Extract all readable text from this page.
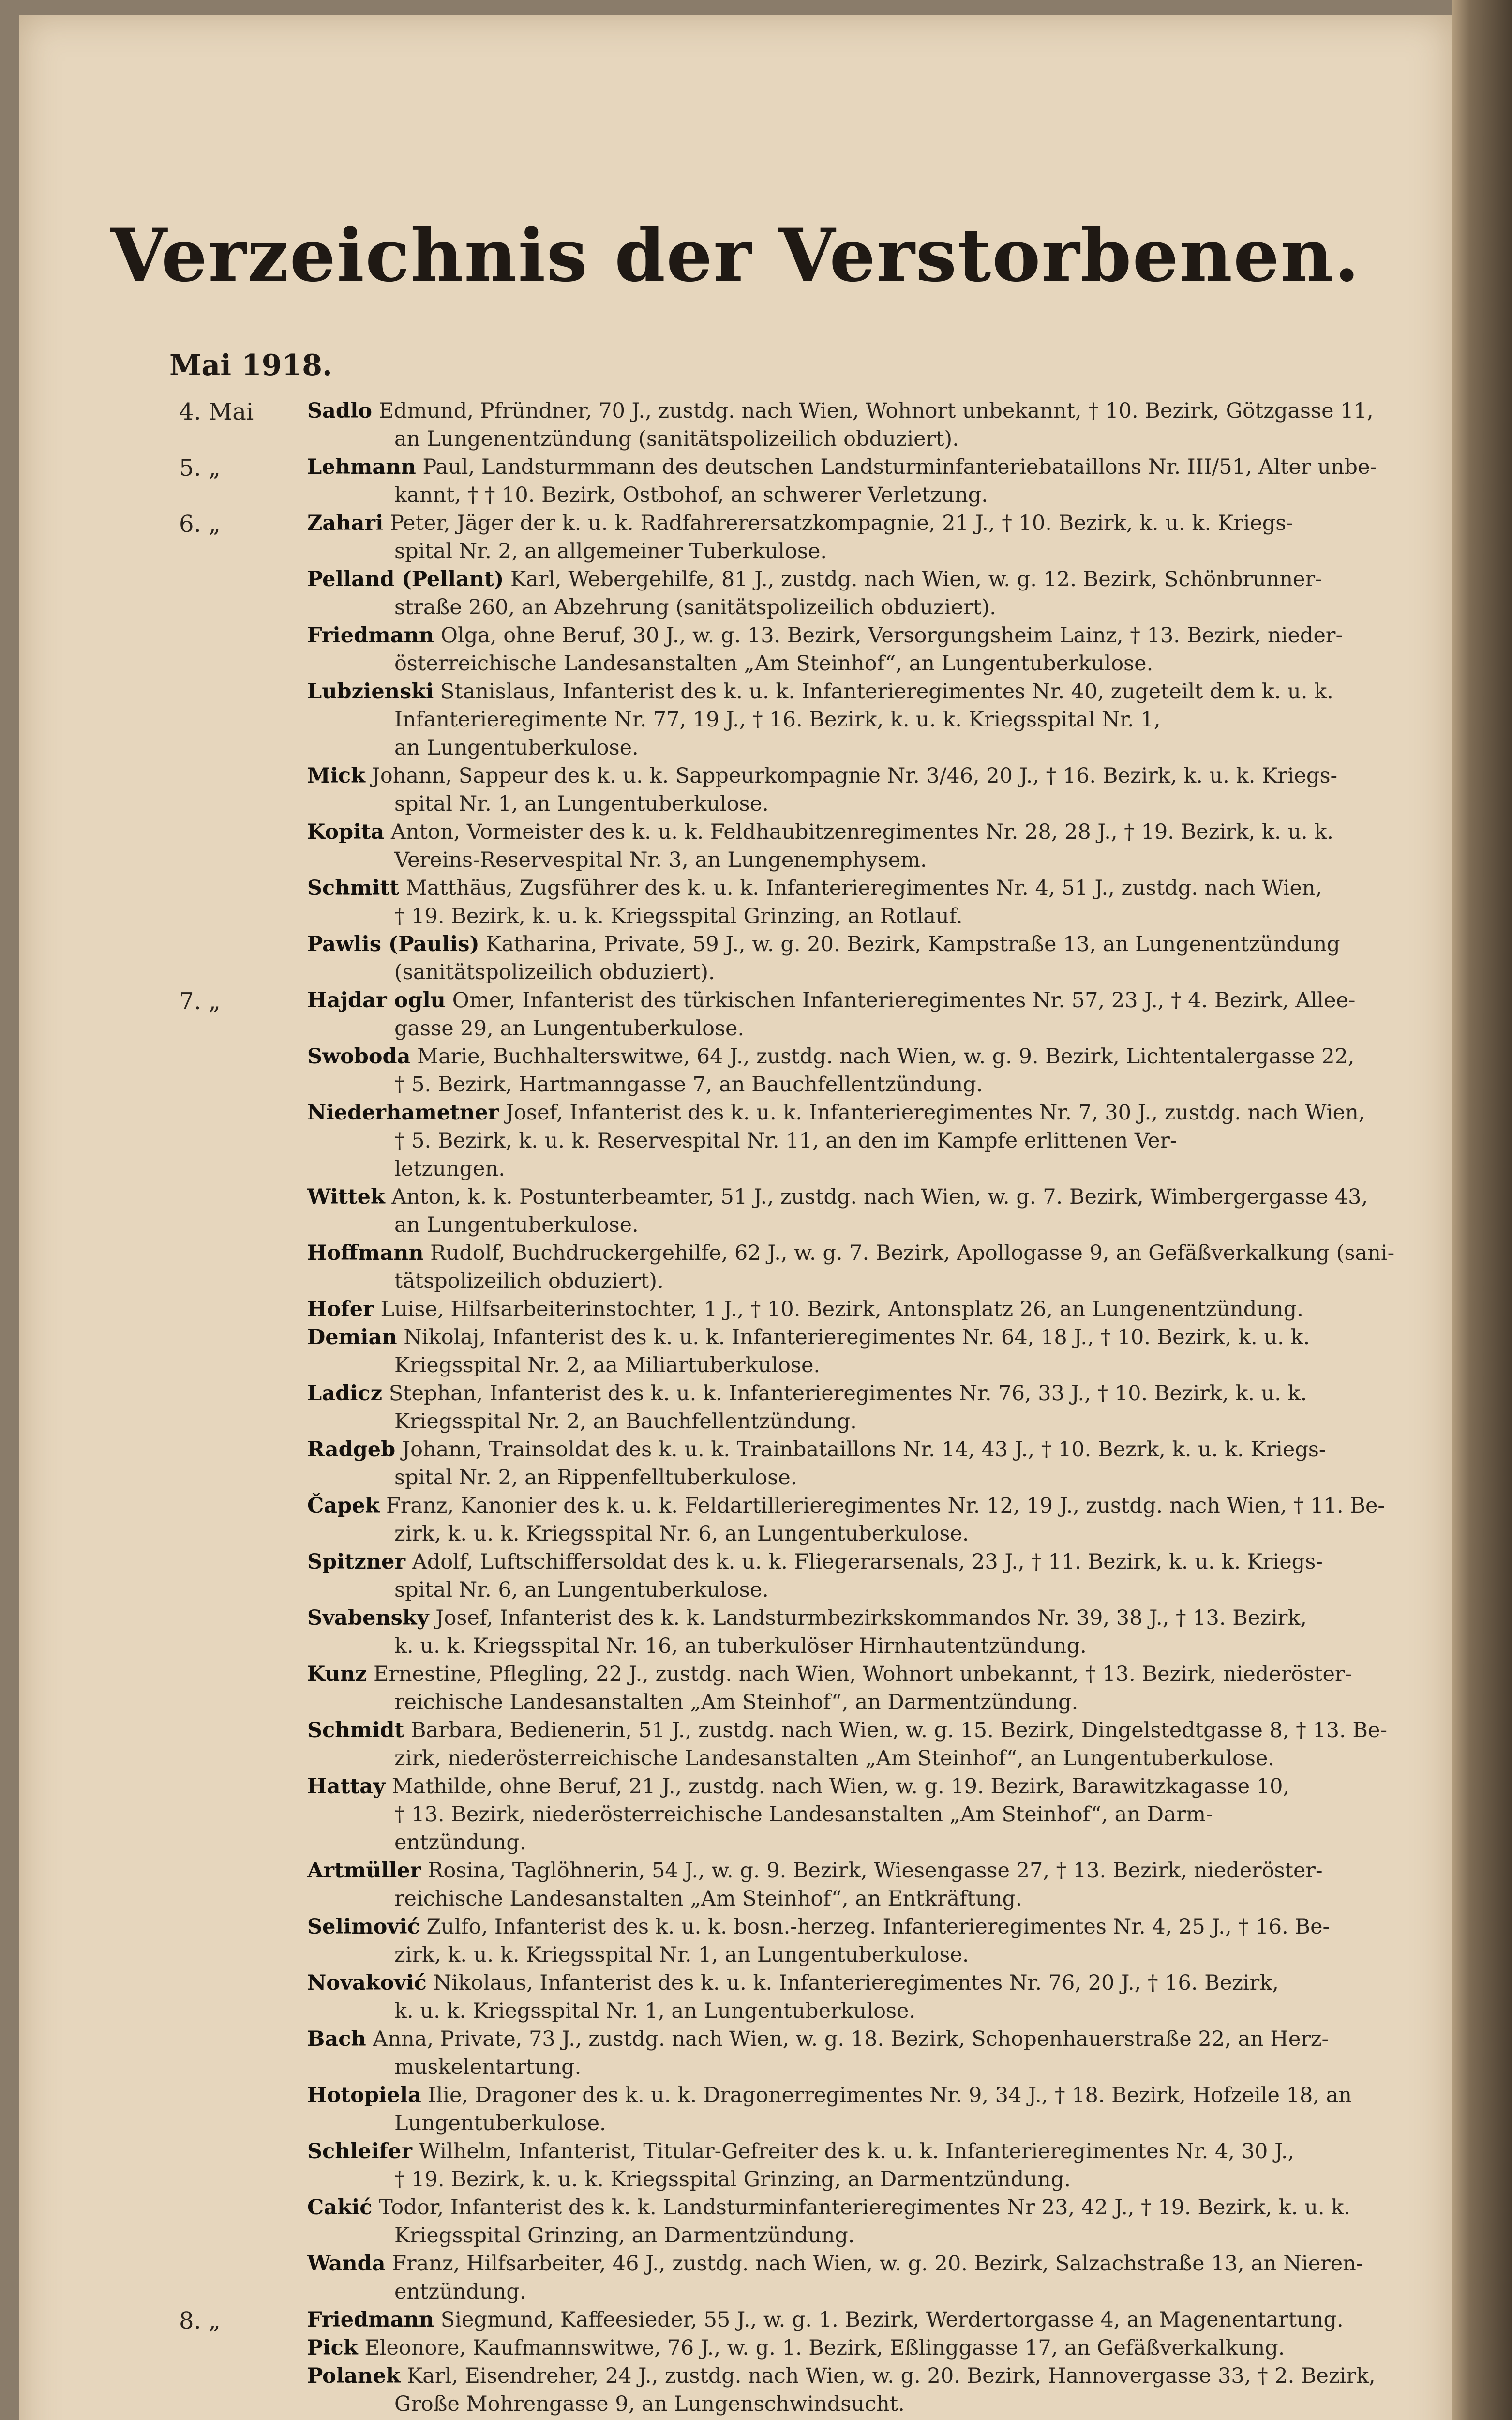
Verzeichnis der Verstorbenen.
Mai 1918.
4. Mai	Sadlo Edmund, Pfründner, 70 J., zustdg. nach Wien, Wohnort unbekannt, † 10. Bezirk, Götzgasse 11,
an Lungenentzündung (sanitätspolizeilich obduziert).
5. „	Lehmann Paul, Landsturmmann des deutschen Landsturminfanteriebataillons Nr. III/51, Alter unbe-
kannt, † † 10. Bezirk, Ostbohof, an schwerer Verletzung.
6. „	Zahari Peter, Jäger der k. u. k. Radfahrerersatzkompagnie, 21 J., † 10. Bezirk, k. u. k. Kriegs-
spital Nr. 2, an allgemeiner Tuberkulose.
Pelland (Pellant) Karl, Webergehilfe, 81 J., zustdg. nach Wien, w. g. 12. Bezirk, Schönbrunner-
straße 260, an Abzehrung (sanitätspolizeilich obduziert).
Friedmann Olga, ohne Beruf, 30 J., w. g. 13. Bezirk, Versorgungsheim Lainz, † 13. Bezirk, nieder-
österreichische Landesanstalten „Am Steinhof“, an Lungentuberkulose.
Lubzienski Stanislaus, Infanterist des k. u. k. Infanterieregimentes Nr. 40, zugeteilt dem k. u. k.
Infanterieregimente Nr. 77, 19 J., † 16. Bezirk, k. u. k. Kriegsspital Nr. 1,
an Lungentuberkulose.
Mick Johann, Sappeur des k. u. k. Sappeurkompagnie Nr. 3/46, 20 J., † 16. Bezirk, k. u. k. Kriegs-
spital Nr. 1, an Lungentuberkulose.
Kopita Anton, Vormeister des k. u. k. Feldhaubitzenregimentes Nr. 28, 28 J., † 19. Bezirk, k. u. k.
Vereins-Reservespital Nr. 3, an Lungenemphysem.
Schmitt Matthäus, Zugsführer des k. u. k. Infanterieregimentes Nr. 4, 51 J., zustdg. nach Wien,
† 19. Bezirk, k. u. k. Kriegsspital Grinzing, an Rotlauf.
Pawlis (Paulis) Katharina, Private, 59 J., w. g. 20. Bezirk, Kampstraße 13, an Lungenentzündung
(sanitätspolizeilich obduziert).
7. „	Hajdar oglu Omer, Infanterist des türkischen Infanterieregimentes Nr. 57, 23 J., † 4. Bezirk, Allee-
gasse 29, an Lungentuberkulose.
Swoboda Marie, Buchhalterswitwe, 64 J., zustdg. nach Wien, w. g. 9. Bezirk, Lichtentalergasse 22,
† 5. Bezirk, Hartmanngasse 7, an Bauchfellentzündung.
Niederhametner Josef, Infanterist des k. u. k. Infanterieregimentes Nr. 7, 30 J., zustdg. nach Wien,
† 5. Bezirk, k. u. k. Reservespital Nr. 11, an den im Kampfe erlittenen Ver-
letzungen.
Wittek Anton, k. k. Postunterbeamter, 51 J., zustdg. nach Wien, w. g. 7. Bezirk, Wimbergergasse 43,
an Lungentuberkulose.
Hoffmann Rudolf, Buchdruckergehilfe, 62 J., w. g. 7. Bezirk, Apollogasse 9, an Gefäßverkalkung (sani-
tätspolizeilich obduziert).
Hofer Luise, Hilfsarbeiterinstochter, 1 J., † 10. Bezirk, Antonsplatz 26, an Lungenentzündung.
Demian Nikolaj, Infanterist des k. u. k. Infanterieregimentes Nr. 64, 18 J., † 10. Bezirk, k. u. k.
Kriegsspital Nr. 2, aa Miliartuberkulose.
Ladicz Stephan, Infanterist des k. u. k. Infanterieregimentes Nr. 76, 33 J., † 10. Bezirk, k. u. k.
Kriegsspital Nr. 2, an Bauchfellentzündung.
Radgeb Johann, Trainsoldat des k. u. k. Trainbataillons Nr. 14, 43 J., † 10. Bezrk, k. u. k. Kriegs-
spital Nr. 2, an Rippenfelltuberkulose.
Čapek Franz, Kanonier des k. u. k. Feldartillerieregimentes Nr. 12, 19 J., zustdg. nach Wien, † 11. Be-
zirk, k. u. k. Kriegsspital Nr. 6, an Lungentuberkulose.
Spitzner Adolf, Luftschiffersoldat des k. u. k. Fliegerarsenals, 23 J., † 11. Bezirk, k. u. k. Kriegs-
spital Nr. 6, an Lungentuberkulose.
Svabensky Josef, Infanterist des k. k. Landsturmbezirkskommandos Nr. 39, 38 J., † 13. Bezirk,
k. u. k. Kriegsspital Nr. 16, an tuberkulöser Hirnhautentzündung.
Kunz Ernestine, Pflegling, 22 J., zustdg. nach Wien, Wohnort unbekannt, † 13. Bezirk, niederöster-
reichische Landesanstalten „Am Steinhof“, an Darmentzündung.
Schmidt Barbara, Bedienerin, 51 J., zustdg. nach Wien, w. g. 15. Bezirk, Dingelstedtgasse 8, † 13. Be-
zirk, niederösterreichische Landesanstalten „Am Steinhof“, an Lungentuberkulose.
Hattay Mathilde, ohne Beruf, 21 J., zustdg. nach Wien, w. g. 19. Bezirk, Barawitzkagasse 10,
† 13. Bezirk, niederösterreichische Landesanstalten „Am Steinhof“, an Darm-
entzündung.
Artmüller Rosina, Taglöhnerin, 54 J., w. g. 9. Bezirk, Wiesengasse 27, † 13. Bezirk, niederöster-
reichische Landesanstalten „Am Steinhof“, an Entkräftung.
Selimović Zulfo, Infanterist des k. u. k. bosn.-herzeg. Infanterieregimentes Nr. 4, 25 J., † 16. Be-
zirk, k. u. k. Kriegsspital Nr. 1, an Lungentuberkulose.
Novaković Nikolaus, Infanterist des k. u. k. Infanterieregimentes Nr. 76, 20 J., † 16. Bezirk,
k. u. k. Kriegsspital Nr. 1, an Lungentuberkulose.
Bach Anna, Private, 73 J., zustdg. nach Wien, w. g. 18. Bezirk, Schopenhauerstraße 22, an Herz-
muskelentartung.
Hotopiela Ilie, Dragoner des k. u. k. Dragonerregimentes Nr. 9, 34 J., † 18. Bezirk, Hofzeile 18, an
Lungentuberkulose.
Schleifer Wilhelm, Infanterist, Titular-Gefreiter des k. u. k. Infanterieregimentes Nr. 4, 30 J.,
† 19. Bezirk, k. u. k. Kriegsspital Grinzing, an Darmentzündung.
Cakić Todor, Infanterist des k. k. Landsturminfanterieregimentes Nr 23, 42 J., † 19. Bezirk, k. u. k.
Kriegsspital Grinzing, an Darmentzündung.
Wanda Franz, Hilfsarbeiter, 46 J., zustdg. nach Wien, w. g. 20. Bezirk, Salzachstraße 13, an Nieren-
entzündung.
8. „	Friedmann Siegmund, Kaffeesieder, 55 J., w. g. 1. Bezirk, Werdertorgasse 4, an Magenentartung.
Pick Eleonore, Kaufmannswitwe, 76 J., w. g. 1. Bezirk, Eßlinggasse 17, an Gefäßverkalkung.
Polanek Karl, Eisendreher, 24 J., zustdg. nach Wien, w. g. 20. Bezirk, Hannovergasse 33, † 2. Bezirk,
Große Mohrengasse 9, an Lungenschwindsucht.
